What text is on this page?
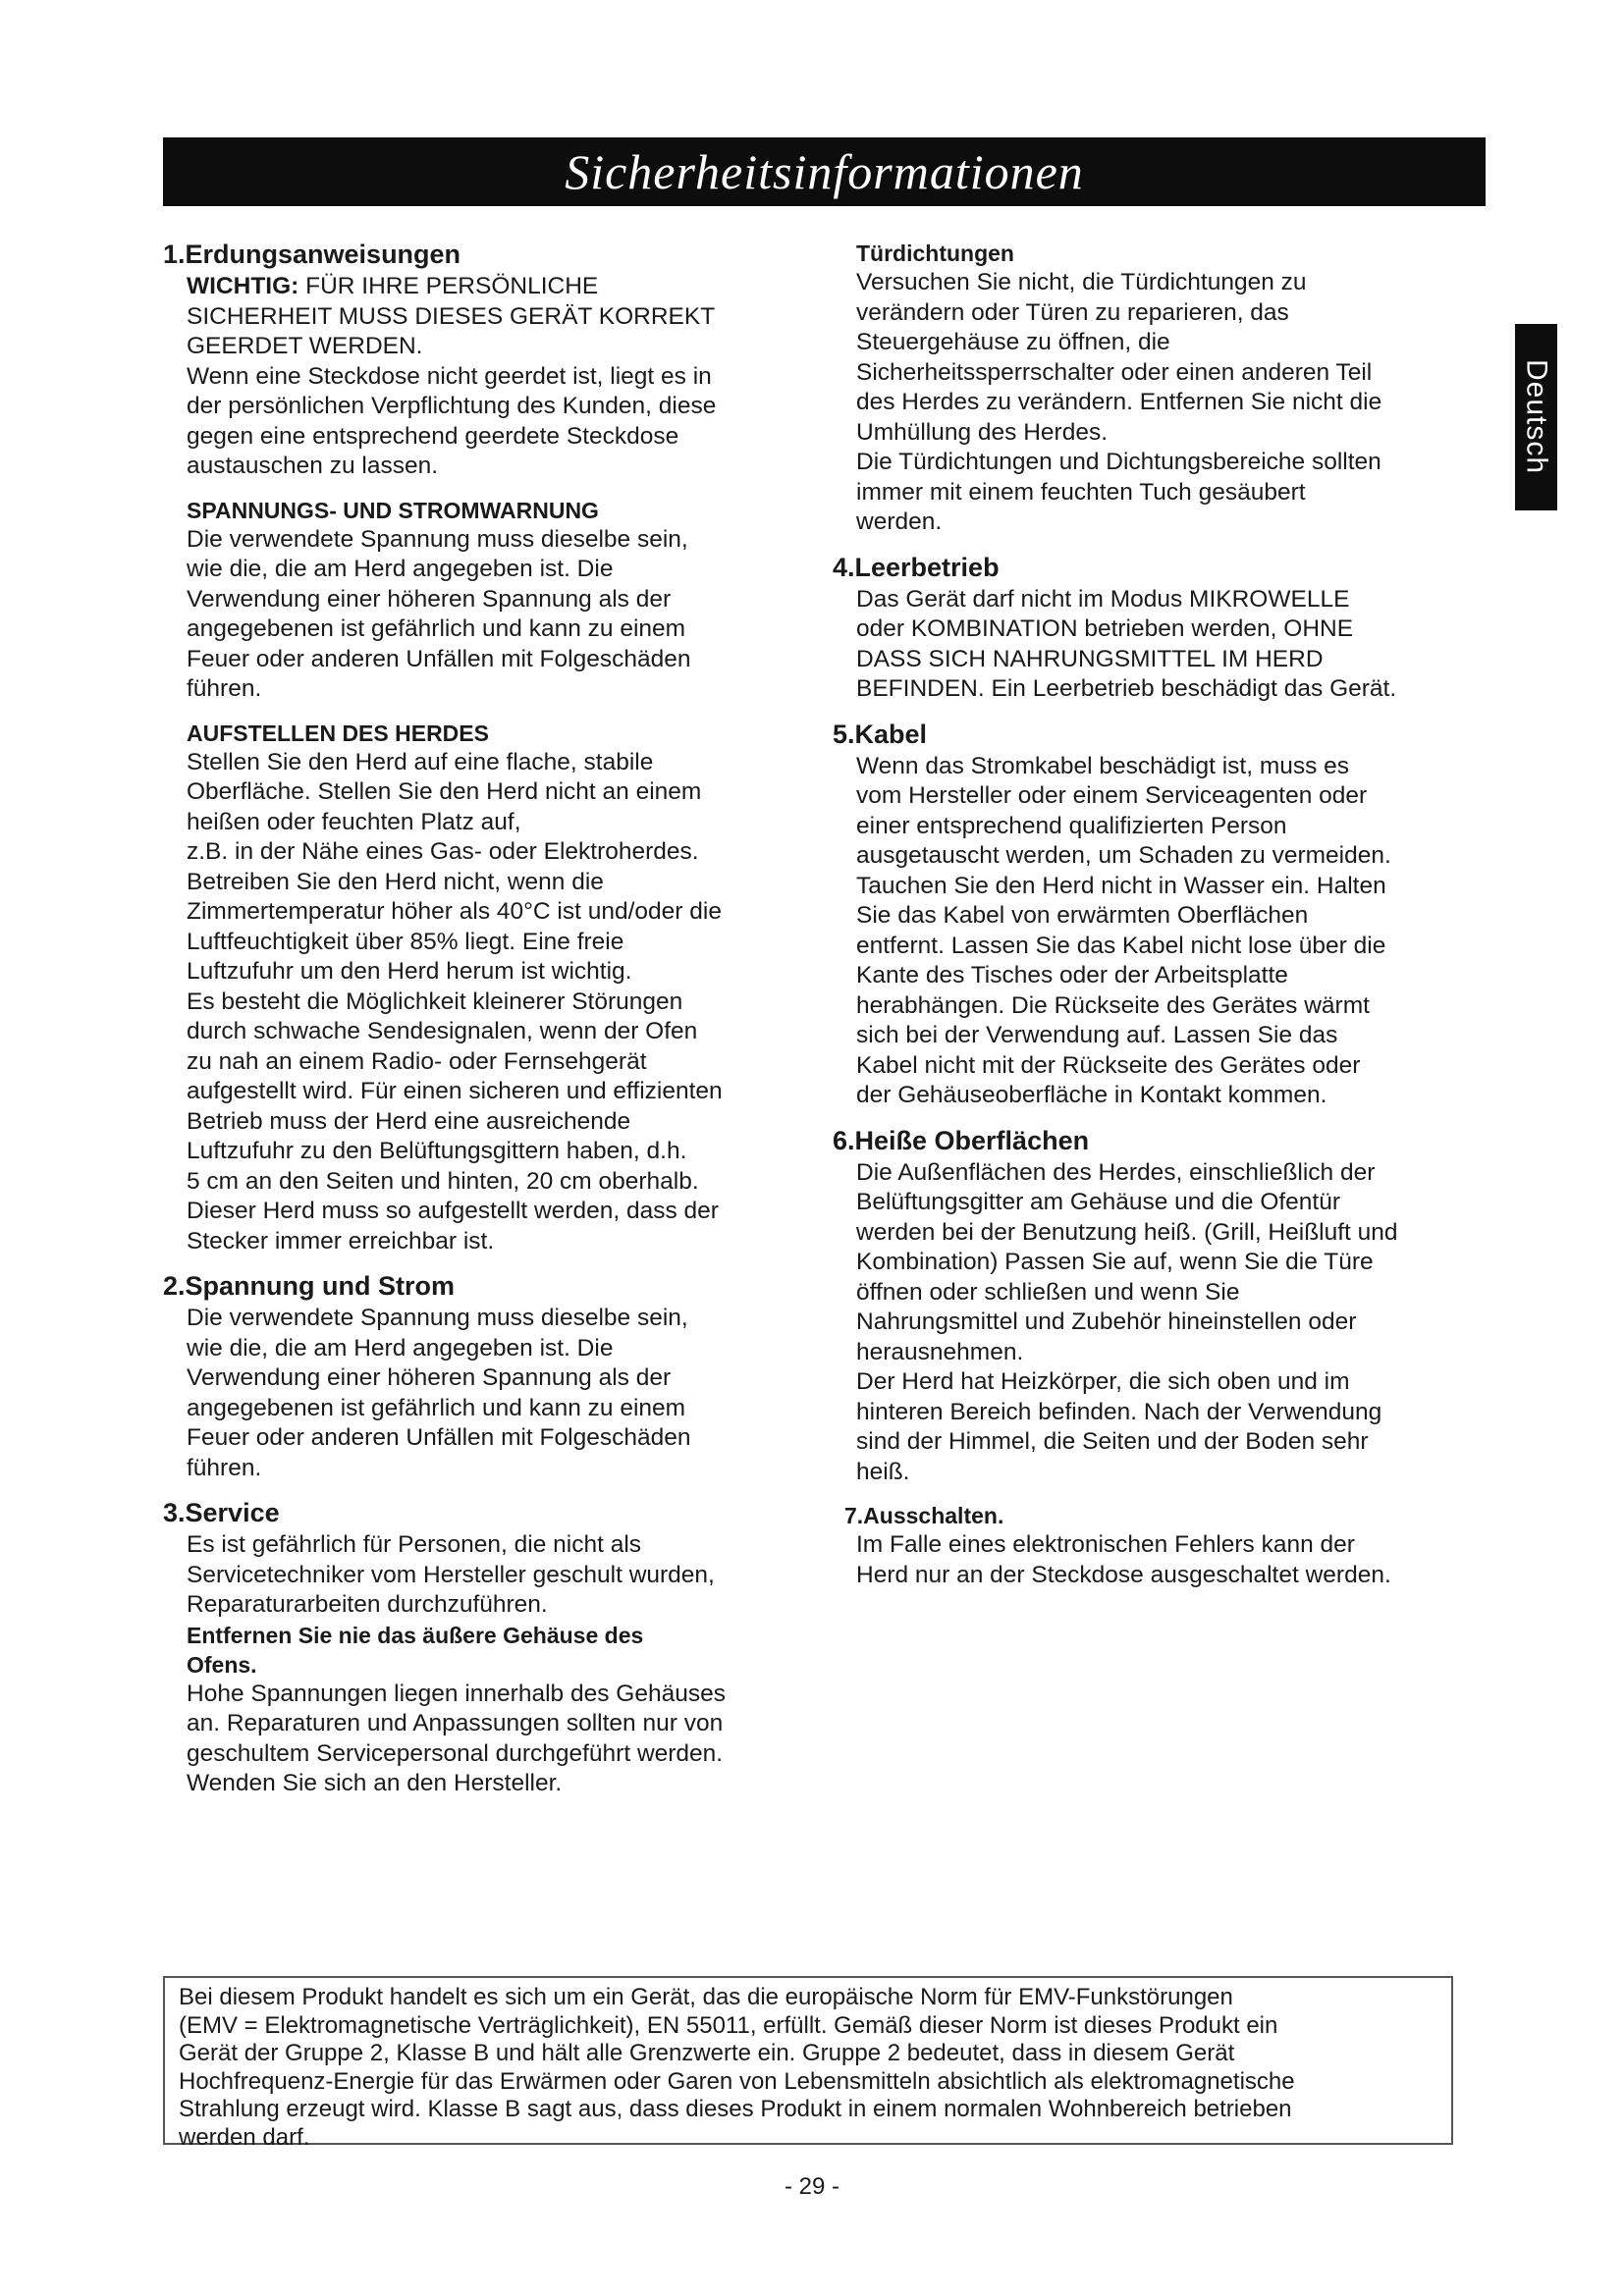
Sicherheitsinformationen
Deutsch
1.Erdungsanweisungen
WICHTIG: FÜR IHRE PERSÖNLICHE
SICHERHEIT MUSS DIESES GERÄT KORREKT
GEERDET WERDEN.
Wenn eine Steckdose nicht geerdet ist, liegt es in
der persönlichen Verpflichtung des Kunden, diese
gegen eine entsprechend geerdete Steckdose
austauschen zu lassen.
SPANNUNGS- UND STROMWARNUNG
Die verwendete Spannung muss dieselbe sein,
wie die, die am Herd angegeben ist. Die
Verwendung einer höheren Spannung als der
angegebenen ist gefährlich und kann zu einem
Feuer oder anderen Unfällen mit Folgeschäden
führen.
AUFSTELLEN DES HERDES
Stellen Sie den Herd auf eine flache, stabile
Oberfläche. Stellen Sie den Herd nicht an einem
heißen oder feuchten Platz auf,
z.B. in der Nähe eines Gas- oder Elektroherdes.
Betreiben Sie den Herd nicht, wenn die
Zimmertemperatur höher als 40°C ist und/oder die
Luftfeuchtigkeit über 85% liegt. Eine freie
Luftzufuhr um den Herd herum ist wichtig.
Es besteht die Möglichkeit kleinerer Störungen
durch schwache Sendesignalen, wenn der Ofen
zu nah an einem Radio- oder Fernsehgerät
aufgestellt wird. Für einen sicheren und effizienten
Betrieb muss der Herd eine ausreichende
Luftzufuhr zu den Belüftungsgittern haben, d.h.
5 cm an den Seiten und hinten, 20 cm oberhalb.
Dieser Herd muss so aufgestellt werden, dass der
Stecker immer erreichbar ist.
2.Spannung und Strom
Die verwendete Spannung muss dieselbe sein,
wie die, die am Herd angegeben ist. Die
Verwendung einer höheren Spannung als der
angegebenen ist gefährlich und kann zu einem
Feuer oder anderen Unfällen mit Folgeschäden
führen.
3.Service
Es ist gefährlich für Personen, die nicht als
Servicetechniker vom Hersteller geschult wurden,
Reparaturarbeiten durchzuführen.
Entfernen Sie nie das äußere Gehäuse des
Ofens.
Hohe Spannungen liegen innerhalb des Gehäuses
an. Reparaturen und Anpassungen sollten nur von
geschultem Servicepersonal durchgeführt werden.
Wenden Sie sich an den Hersteller.
Türdichtungen
Versuchen Sie nicht, die Türdichtungen zu
verändern oder Türen zu reparieren, das
Steuergehäuse zu öffnen, die
Sicherheitssperrschalter oder einen anderen Teil
des Herdes zu verändern. Entfernen Sie nicht die
Umhüllung des Herdes.
Die Türdichtungen und Dichtungsbereiche sollten
immer mit einem feuchten Tuch gesäubert
werden.
4.Leerbetrieb
Das Gerät darf nicht im Modus MIKROWELLE
oder KOMBINATION betrieben werden, OHNE
DASS SICH NAHRUNGSMITTEL IM HERD
BEFINDEN. Ein Leerbetrieb beschädigt das Gerät.
5.Kabel
Wenn das Stromkabel beschädigt ist, muss es
vom Hersteller oder einem Serviceagenten oder
einer entsprechend qualifizierten Person
ausgetauscht werden, um Schaden zu vermeiden.
Tauchen Sie den Herd nicht in Wasser ein. Halten
Sie das Kabel von erwärmten Oberflächen
entfernt. Lassen Sie das Kabel nicht lose über die
Kante des Tisches oder der Arbeitsplatte
herabhängen. Die Rückseite des Gerätes wärmt
sich bei der Verwendung auf. Lassen Sie das
Kabel nicht mit der Rückseite des Gerätes oder
der Gehäuseoberfläche in Kontakt kommen.
6.Heiße Oberflächen
Die Außenflächen des Herdes, einschließlich der
Belüftungsgitter am Gehäuse und die Ofentür
werden bei der Benutzung heiß. (Grill, Heißluft und
Kombination) Passen Sie auf, wenn Sie die Türe
öffnen oder schließen und wenn Sie
Nahrungsmittel und Zubehör hineinstellen oder
herausnehmen.
Der Herd hat Heizkörper, die sich oben und im
hinteren Bereich befinden. Nach der Verwendung
sind der Himmel, die Seiten und der Boden sehr
heiß.
7.Ausschalten.
Im Falle eines elektronischen Fehlers kann der
Herd nur an der Steckdose ausgeschaltet werden.
Bei diesem Produkt handelt es sich um ein Gerät, das die europäische Norm für EMV-Funkstörungen
(EMV = Elektromagnetische Verträglichkeit), EN 55011, erfüllt. Gemäß dieser Norm ist dieses Produkt ein
Gerät der Gruppe 2, Klasse B und hält alle Grenzwerte ein. Gruppe 2 bedeutet, dass in diesem Gerät
Hochfrequenz-Energie für das Erwärmen oder Garen von Lebensmitteln absichtlich als elektromagnetische
Strahlung erzeugt wird. Klasse B sagt aus, dass dieses Produkt in einem normalen Wohnbereich betrieben
werden darf.
- 29 -
